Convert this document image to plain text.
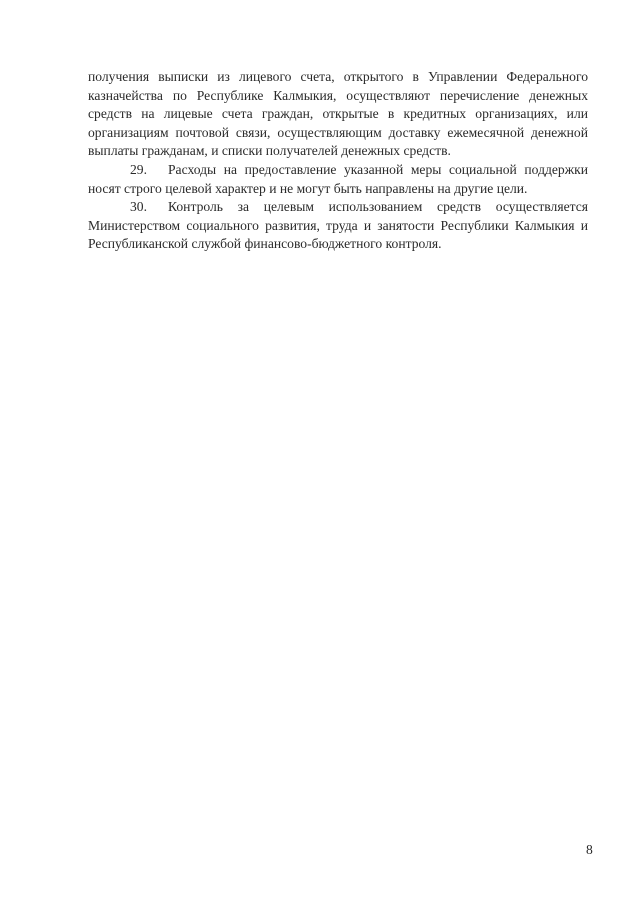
получения выписки из лицевого счета, открытого в Управлении Федерального казначейства по Республике Калмыкия, осуществляют перечисление денежных средств на лицевые счета граждан, открытые в кредитных организациях, или организациям почтовой связи, осуществляющим доставку ежемесячной денежной выплаты гражданам, и списки получателей денежных средств.

29. Расходы на предоставление указанной меры социальной поддержки носят строго целевой характер и не могут быть направлены на другие цели.

30. Контроль за целевым использованием средств осуществляется Министерством социального развития, труда и занятости Республики Калмыкия и Республиканской службой финансово-бюджетного контроля.

8
